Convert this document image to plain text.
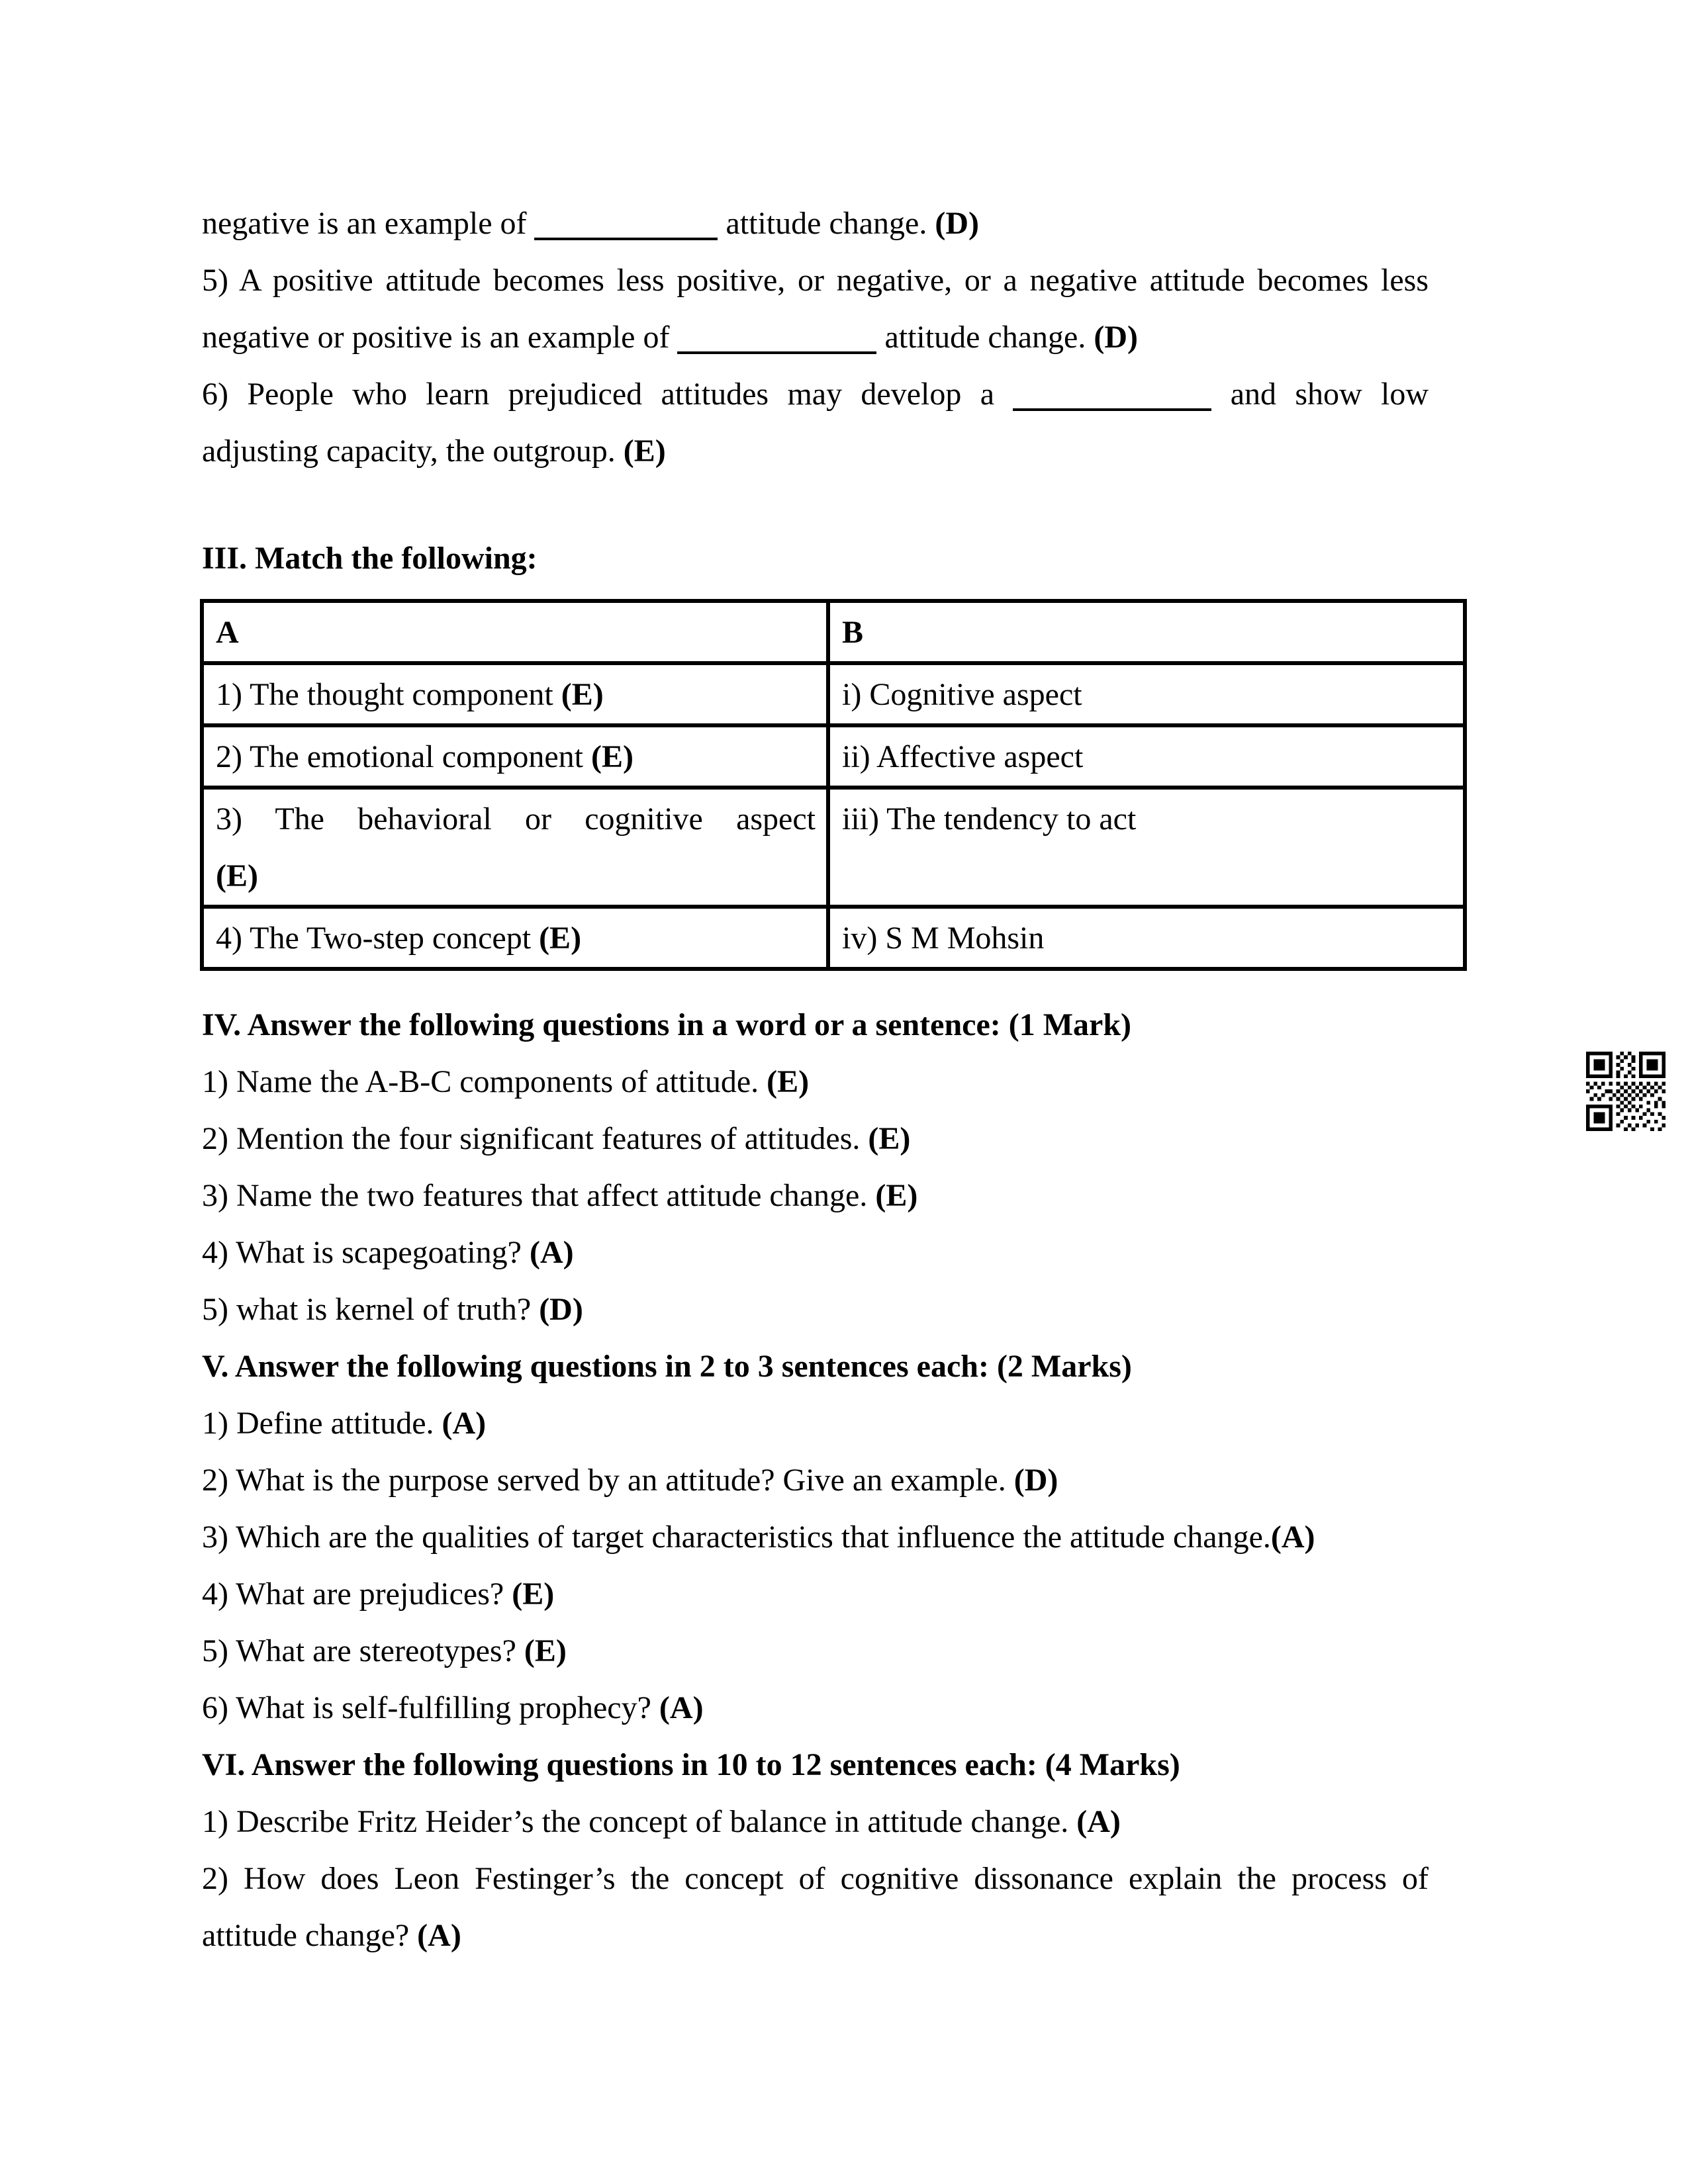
negative is an example of	attitude change. (D)
5) A positive attitude becomes less positive, or negative, or a negative attitude becomes less
negative or positive is an example of	attitude change. (D)
6) People who learn prejudiced attitudes may develop a	and show low
adjusting capacity, the outgroup. (E)
III. Match the following:
A	B
1) The thought component (E)	i) Cognitive aspect
2) The emotional component (E)	ii) Affective aspect

3) The behavioral or cognitive aspect
(E)	iii) The tendency to act
4) The Two-step concept (E)	iv) S M Mohsin
IV. Answer the following questions in a word or a sentence: (1 Mark)
1) Name the A-B-C components of attitude. (E)
2) Mention the four significant features of attitudes. (E)
3) Name the two features that affect attitude change. (E)
4) What is scapegoating? (A)
5) what is kernel of truth? (D)
V. Answer the following questions in 2 to 3 sentences each: (2 Marks)
1) Define attitude. (A)
2) What is the purpose served by an attitude? Give an example. (D)
3) Which are the qualities of target characteristics that influence the attitude change.(A)
4) What are prejudices? (E)
5) What are stereotypes? (E)
6) What is self-fulfilling prophecy? (A)
VI. Answer the following questions in 10 to 12 sentences each: (4 Marks)
1) Describe Fritz Heider’s the concept of balance in attitude change. (A)
2) How does Leon Festinger’s the concept of cognitive dissonance explain the process of
attitude change? (A)
